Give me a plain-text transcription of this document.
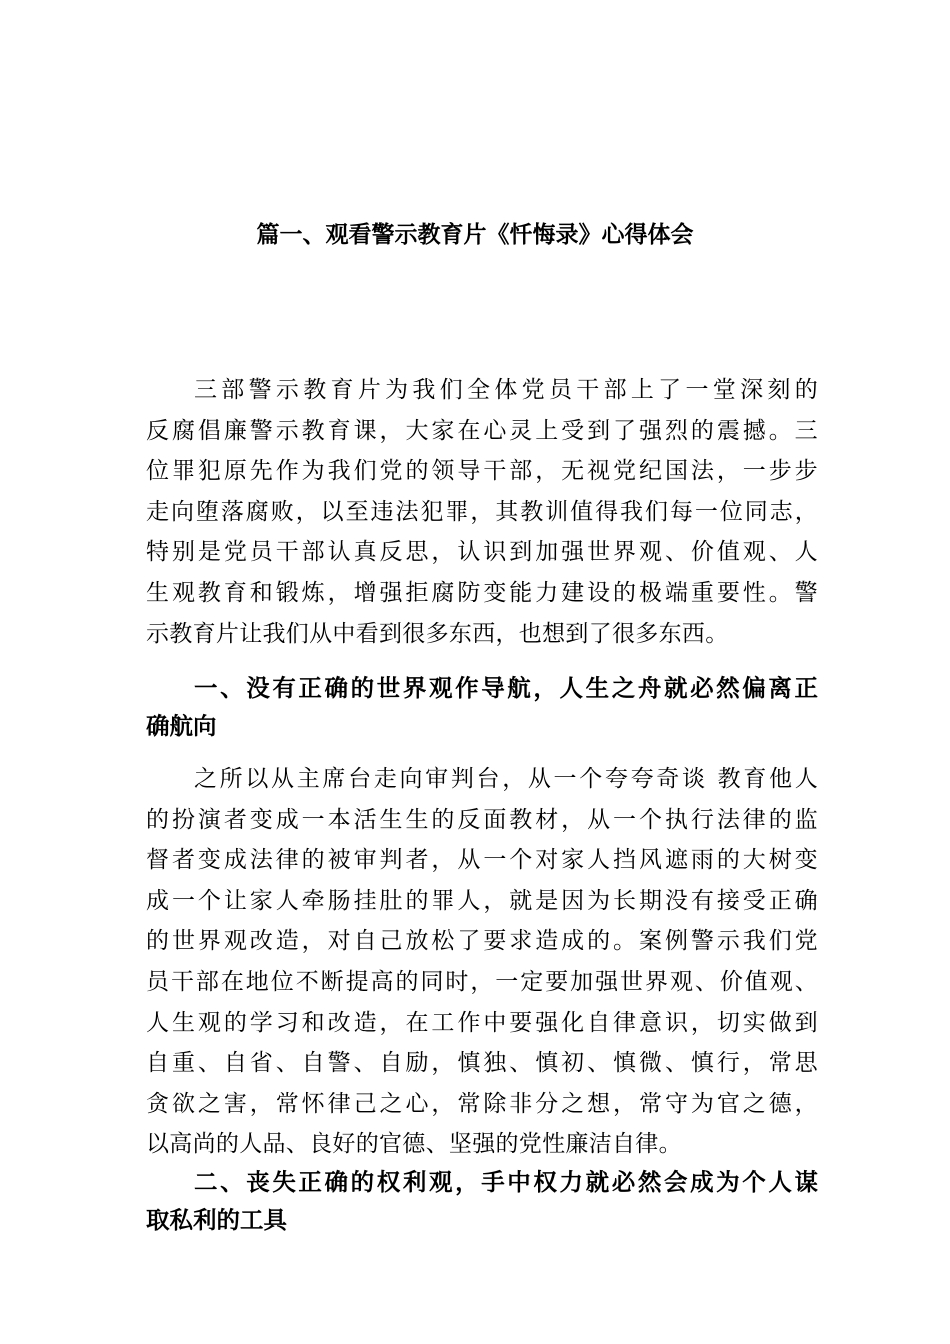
篇一、观看警示教育片《忏悔录》心得体会
三部警示教育片为我们全体党员干部上了一堂深刻的
反腐倡廉警示教育课，大家在心灵上受到了强烈的震撼。三
位罪犯原先作为我们党的领导干部，无视党纪国法，一步步
走向堕落腐败，以至违法犯罪，其教训值得我们每一位同志，
特别是党员干部认真反思，认识到加强世界观、价值观、人
生观教育和锻炼，增强拒腐防变能力建设的极端重要性。警
示教育片让我们从中看到很多东西，也想到了很多东西。
一、没有正确的世界观作导航，人生之舟就必然偏离正
确航向
之所以从主席台走向审判台，从一个夸夸奇谈 教育他人
的扮演者变成一本活生生的反面教材，从一个执行法律的监
督者变成法律的被审判者，从一个对家人挡风遮雨的大树变
成一个让家人牵肠挂肚的罪人，就是因为长期没有接受正确
的世界观改造，对自己放松了要求造成的。案例警示我们党
员干部在地位不断提高的同时，一定要加强世界观、价值观、
人生观的学习和改造，在工作中要强化自律意识，切实做到
自重、自省、自警、自励，慎独、慎初、慎微、慎行，常思
贪欲之害，常怀律己之心，常除非分之想，常守为官之德，
以高尚的人品、良好的官德、坚强的党性廉洁自律。
二、丧失正确的权利观，手中权力就必然会成为个人谋
取私利的工具
